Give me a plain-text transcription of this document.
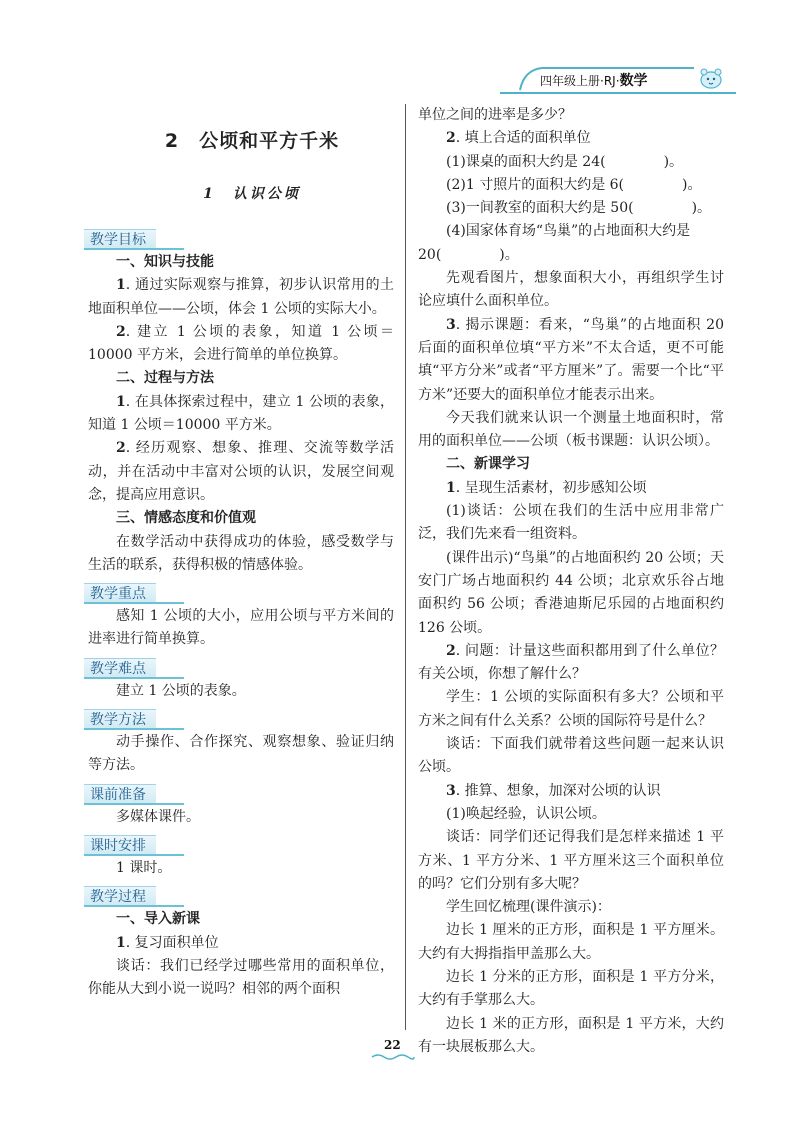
四年级上册·RJ·数学
2　公顷和平方千米
1　认识公顷
教学目标

一、知识与技能

1. 通过实际观察与推算，初步认识常用的土地面积单位——公顷，体会 1 公顷的实际大小。

2. 建立 1 公顷的表象，知道 1 公顷＝10000 平方米，会进行简单的单位换算。

二、过程与方法

1. 在具体探索过程中，建立 1 公顷的表象，知道 1 公顷＝10000 平方米。

2. 经历观察、想象、推理、交流等数学活动，并在活动中丰富对公顷的认识，发展空间观念，提高应用意识。

三、情感态度和价值观

在数学活动中获得成功的体验，感受数学与生活的联系，获得积极的情感体验。

教学重点

感知 1 公顷的大小，应用公顷与平方米间的进率进行简单换算。

教学难点

建立 1 公顷的表象。

教学方法

动手操作、合作探究、观察想象、验证归纳等方法。

课前准备

多媒体课件。

课时安排

1 课时。

教学过程

一、导入新课

1. 复习面积单位

谈话：我们已经学过哪些常用的面积单位，你能从大到小说一说吗？相邻的两个面积

单位之间的进率是多少？

2. 填上合适的面积单位

(1)课桌的面积大约是 24(	)。

(2)1 寸照片的面积大约是 6(	)。

(3)一间教室的面积大约是 50(	)。

(4)国家体育场“鸟巢”的占地面积大约是

20(	)。

先观看图片，想象面积大小，再组织学生讨论应填什么面积单位。

3. 揭示课题：看来，“鸟巢”的占地面积 20 后面的面积单位填“平方米”不太合适，更不可能填“平方分米”或者“平方厘米”了。需要一个比“平方米”还要大的面积单位才能表示出来。

今天我们就来认识一个测量土地面积时，常用的面积单位——公顷（板书课题：认识公顷）。

二、新课学习

1. 呈现生活素材，初步感知公顷

(1)谈话：公顷在我们的生活中应用非常广泛，我们先来看一组资料。

(课件出示)“鸟巢”的占地面积约 20 公顷；天安门广场占地面积约 44 公顷；北京欢乐谷占地面积约 56 公顷；香港迪斯尼乐园的占地面积约 126 公顷。

2. 问题：计量这些面积都用到了什么单位？有关公顷，你想了解什么？

学生：1 公顷的实际面积有多大？公顷和平方米之间有什么关系？公顷的国际符号是什么？

谈话：下面我们就带着这些问题一起来认识公顷。

3. 推算、想象，加深对公顷的认识

(1)唤起经验，认识公顷。

谈话：同学们还记得我们是怎样来描述 1 平方米、1 平方分米、1 平方厘米这三个面积单位的吗？它们分别有多大呢？

学生回忆梳理(课件演示)：

边长 1 厘米的正方形，面积是 1 平方厘米。大约有大拇指指甲盖那么大。

边长 1 分米的正方形，面积是 1 平方分米，大约有手掌那么大。

边长 1 米的正方形，面积是 1 平方米，大约有一块展板那么大。

22
